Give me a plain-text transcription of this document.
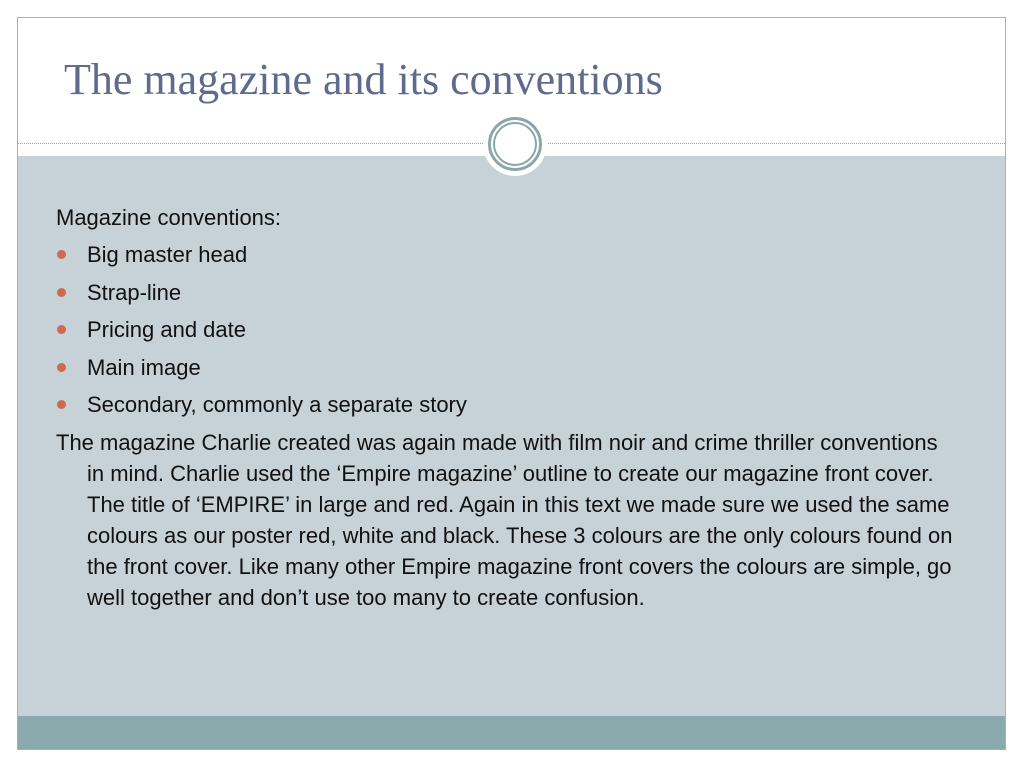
The magazine and its conventions

Magazine conventions:

Big master head
Strap-line
Pricing and date
Main image
Secondary, commonly a separate story

The magazine Charlie created was again made with film noir and crime thriller conventions in mind. Charlie used the ‘Empire magazine’ outline to create our magazine front cover. The title of ‘EMPIRE’ in large and red. Again in this text we made sure we used the same colours as our poster red, white and black. These 3 colours are the only colours found on the front cover. Like many other Empire magazine front covers the colours are simple, go well together and don’t use too many to create confusion.
